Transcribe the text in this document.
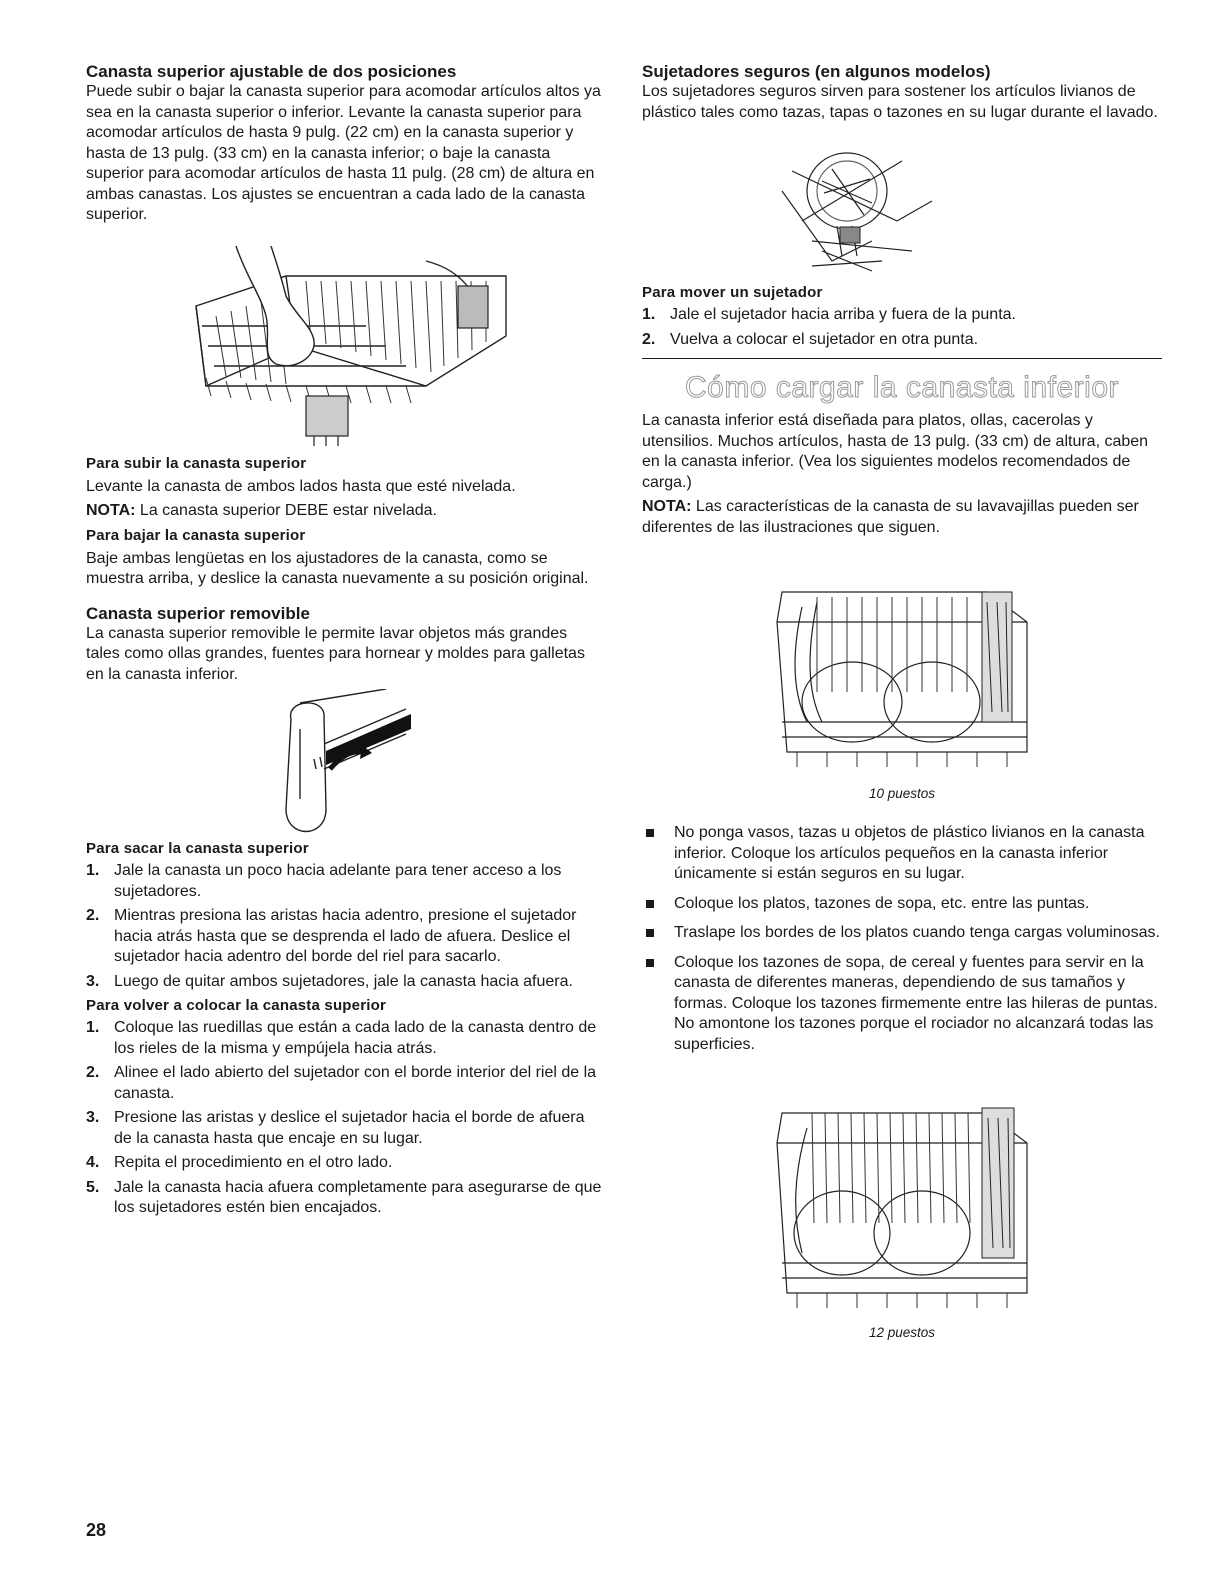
Canasta superior ajustable de dos posiciones

Puede subir o bajar la canasta superior para acomodar artículos altos ya sea en la canasta superior o inferior. Levante la canasta superior para acomodar artículos de hasta 9 pulg. (22 cm) en la canasta superior y hasta de 13 pulg. (33 cm) en la canasta inferior; o baje la canasta superior para acomodar artículos de hasta 11 pulg. (28 cm) de altura en ambas canastas. Los ajustes se encuentran a cada lado de la canasta superior.

Para subir la canasta superior

Levante la canasta de ambos lados hasta que esté nivelada.

NOTA: La canasta superior DEBE estar nivelada.

Para bajar la canasta superior

Baje ambas lengüetas en los ajustadores de la canasta, como se muestra arriba, y deslice la canasta nuevamente a su posición original.

Canasta superior removible

La canasta superior removible le permite lavar objetos más grandes tales como ollas grandes, fuentes para hornear y moldes para galletas en la canasta inferior.

Para sacar la canasta superior
1. Jale la canasta un poco hacia adelante para tener acceso a los sujetadores.
2. Mientras presiona las aristas hacia adentro, presione el sujetador hacia atrás hasta que se desprenda el lado de afuera. Deslice el sujetador hacia adentro del borde del riel para sacarlo.
3. Luego de quitar ambos sujetadores, jale la canasta hacia afuera.
Para volver a colocar la canasta superior
1. Coloque las ruedillas que están a cada lado de la canasta dentro de los rieles de la misma y empújela hacia atrás.
2. Alinee el lado abierto del sujetador con el borde interior del riel de la canasta.
3. Presione las aristas y deslice el sujetador hacia el borde de afuera de la canasta hasta que encaje en su lugar.
4. Repita el procedimiento en el otro lado.
5. Jale la canasta hacia afuera completamente para asegurarse de que los sujetadores estén bien encajados.
Sujetadores seguros (en algunos modelos)

Los sujetadores seguros sirven para sostener los artículos livianos de plástico tales como tazas, tapas o tazones en su lugar durante el lavado.

Para mover un sujetador
1. Jale el sujetador hacia arriba y fuera de la punta.
2. Vuelva a colocar el sujetador en otra punta.
Cómo cargar la canasta inferior

La canasta inferior está diseñada para platos, ollas, cacerolas y utensilios. Muchos artículos, hasta de 13 pulg. (33 cm) de altura, caben en la canasta inferior. (Vea los siguientes modelos recomendados de carga.)

NOTA: Las características de la canasta de su lavavajillas pueden ser diferentes de las ilustraciones que siguen.

10 puestos
No ponga vasos, tazas u objetos de plástico livianos en la canasta inferior. Coloque los artículos pequeños en la canasta inferior únicamente si están seguros en su lugar.
Coloque los platos, tazones de sopa, etc. entre las puntas.
Traslape los bordes de los platos cuando tenga cargas voluminosas.
Coloque los tazones de sopa, de cereal y fuentes para servir en la canasta de diferentes maneras, dependiendo de sus tamaños y formas. Coloque los tazones firmemente entre las hileras de puntas. No amontone los tazones porque el rociador no alcanzará todas las superficies.
12 puestos
28
